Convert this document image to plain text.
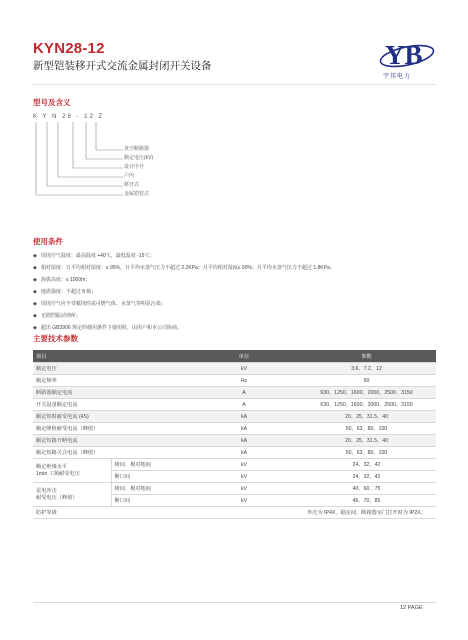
KYN28-12
新型铠装移开式交流金属封闭开关设备	YB
宇邦电力
型号及含义
K Y N 28 - 12 Z
真空断路器
额定电压(kV)
设计序号
户内
移开式
金属铠装式
使用条件
◆ 周围空气温度：最高温度 +40℃，最低温度 -15℃；
◆ 相对湿度：日平均相对湿度：≤ 95%，日平均水蒸气压力不超过 2.2KPa；月平均相对湿度≤ 90%；月平均水蒸气压力不超过 1.8KPa；
◆ 海拔高度：≤ 1000m；
◆ 地震强度：不超过 8 级；
◆ 周围空气应不受腐蚀性或可燃气体、水蒸气等明显污染；
◆ 无剧烈振动场所；
◆ 超出 GB3906 规定的使用条件下使用时，由用户和本公司协商。
主要技术参数
项目		单位	参数
额定电压		kV	3.6、7.2、12
额定频率		Hz	50
断路器额定电流		A	630、1250、1600、2000、2500、3150
开关设备额定电流		A	630、1250、1600、2000、2500、3150
额定短时耐受电流 (4S)		kA	20、25、31.5、40
额定峰值耐受电流（峰值）		kA	50、63、80、100
额定短路开断电流		kA	20、25、31.5、40
额定短路关合电流（峰值）		kA	50、63、80、100
额定绝缘水平
1min 工频耐受电压	极间、极对地间	kV	24、32、42
	断口间	kV	24、32、42
雷电冲击
耐受电压（峰值）	极间、极对地间	kV	40、60、75
	断口间	kV	46、70、85
防护等级			外壳为 IP4X，隔室间、断路器室门打开时为 IP2X。
12 PAGE
